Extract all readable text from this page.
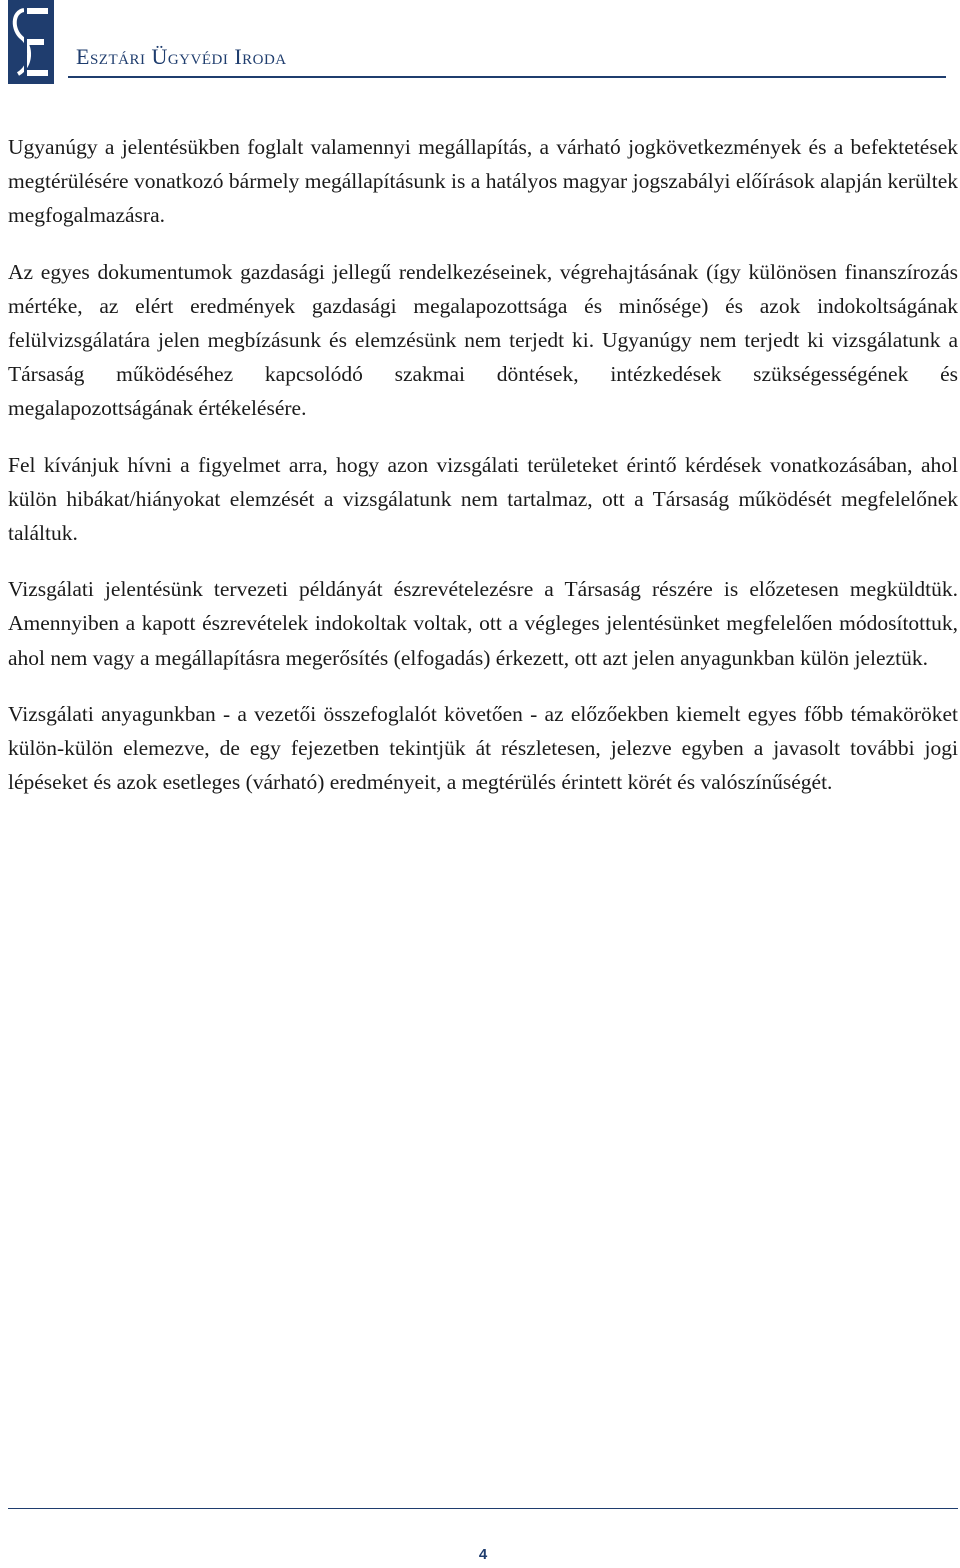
Esztári Ügyvédi Iroda

Ugyanúgy a jelentésükben foglalt valamennyi megállapítás, a várható jogkövetkezmények és a befektetések megtérülésére vonatkozó bármely megállapításunk is a hatályos magyar jogszabályi előírások alapján kerültek megfogalmazásra.

Az egyes dokumentumok gazdasági jellegű rendelkezéseinek, végrehajtásának (így különösen finanszírozás mértéke, az elért eredmények gazdasági megalapozottsága és minősége) és azok indokoltságának felülvizsgálatára jelen megbízásunk és elemzésünk nem terjedt ki. Ugyanúgy nem terjedt ki vizsgálatunk a Társaság működéséhez kapcsolódó szakmai döntések, intézkedések szükségességének és megalapozottságának értékelésére.

Fel kívánjuk hívni a figyelmet arra, hogy azon vizsgálati területeket érintő kérdések vonatkozásában, ahol külön hibákat/hiányokat elemzését a vizsgálatunk nem tartalmaz, ott a Társaság működését megfelelőnek találtuk.

Vizsgálati jelentésünk tervezeti példányát észrevételezésre a Társaság részére is előzetesen megküldtük. Amennyiben a kapott észrevételek indokoltak voltak, ott a végleges jelentésünket megfelelően módosítottuk, ahol nem vagy a megállapításra megerősítés (elfogadás) érkezett, ott azt jelen anyagunkban külön jeleztük.

Vizsgálati anyagunkban - a vezetői összefoglalót követően - az előzőekben kiemelt egyes főbb témaköröket külön-külön elemezve, de egy fejezetben tekintjük át részletesen, jelezve egyben a javasolt további jogi lépéseket és azok esetleges (várható) eredményeit, a megtérülés érintett körét és valószínűségét.

4
